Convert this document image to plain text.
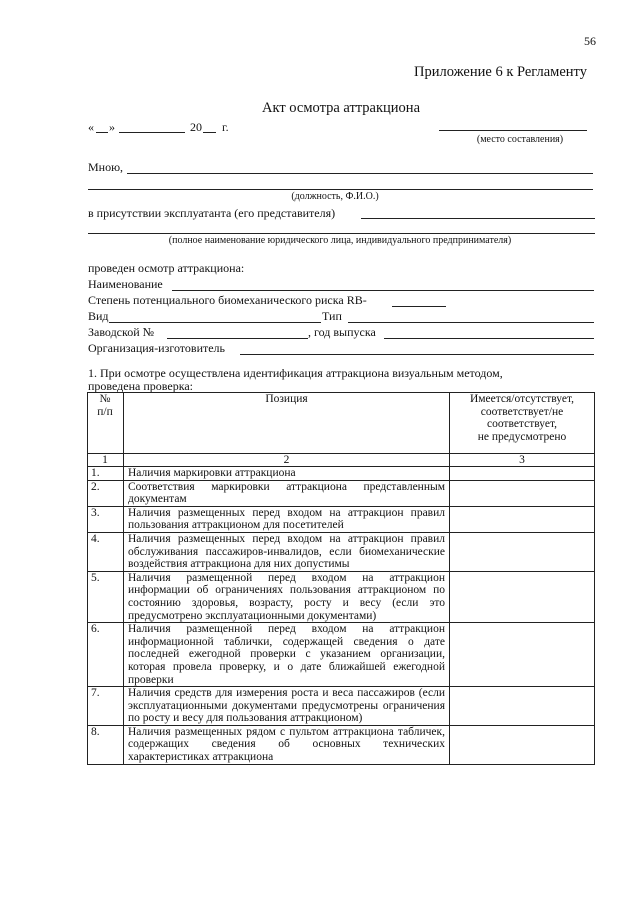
56
Приложение 6 к Регламенту
Акт осмотра аттракциона
« »	20 г.
(место составления)
Мною,
(должность, Ф.И.О.)
в присутствии эксплуатанта (его представителя)
(полное наименование юридического лица, индивидуального предпринимателя)
проведен осмотр аттракциона:
Наименование
Степень потенциального биомеханического риска RB-
Вид	Тип
Заводской №	, год выпуска
Организация-изготовитель
1. При осмотре осуществлена идентификация аттракциона визуальным методом,
проведена проверка:
№
п/п	Позиция	Имеется/отсутствует,
соответствует/не
соответствует,
не предусмотрено
1	2	3
1.	Наличия маркировки аттракциона	
2.	Соответствия маркировки аттракциона представленным документам	
3.	Наличия размещенных перед входом на аттракцион правил пользования аттракционом для посетителей	
4.	Наличия размещенных перед входом на аттракцион правил обслуживания пассажиров-инвалидов, если биомеханические воздействия аттракциона для них допустимы	
5.	Наличия размещенной перед входом на аттракцион информации об ограничениях пользования аттракционом по состоянию здоровья, возрасту, росту и весу (если это предусмотрено эксплуатационными документами)	
6.	Наличия размещенной перед входом на аттракцион информационной таблички, содержащей сведения о дате последней ежегодной проверки с указанием организации, которая провела проверку, и о дате ближайшей ежегодной проверки	
7.	Наличия средств для измерения роста и веса пассажиров (если эксплуатационными документами предусмотрены ограничения по росту и весу для пользования аттракционом)	
8.	Наличия размещенных рядом с пультом аттракциона табличек, содержащих сведения об основных технических характеристиках аттракциона	
